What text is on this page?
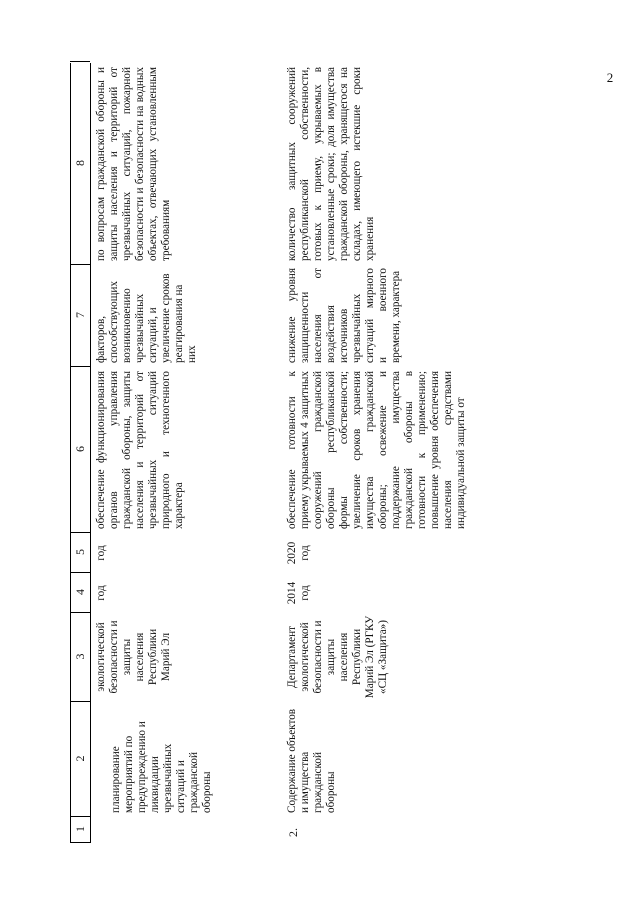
2
1
2
3
4
5
6
7
8
планирование мероприятий по предупреждению и ликвидации чрезвычайных ситуаций и гражданской обороны
экологической безопасности и защиты населения Республики Марий Эл
год
год
обеспечение функционирования органов управления гражданской обороны, защиты населения и территорий от чрезвычайных ситуаций природного и техногенного характера
факторов, способствующих возникновению чрезвычайных ситуаций, и увеличение сроков реагирования на них
по вопросам гражданской обороны и защиты населения и территорий от чрезвычайных ситуаций, пожарной безопасности и безопасности на водных объектах, отвечающих установленным требованиям
2.
Содержание объектов и имущества гражданской обороны
Департамент экологической безопасности и защиты населения Республики Марий Эл (РГКУ «СЦ «Защита»)
2014 год
2020 год
обеспечение готовности к приему укрываемых 4 защитных сооружений гражданской обороны республиканской формы собственности; увеличение сроков хранения имущества гражданской обороны; освежение и поддержание имущества гражданской обороны в готовности к применению; повышение уровня обеспечения населения средствами индивидуальной защиты от
снижение уровня защищенности населения от воздействия источников чрезвычайных ситуаций мирного и военного времени, характера
количество защитных сооружений республиканской собственности, готовых к приему, укрываемых в установленные сроки; доля имущества гражданской обороны, хранящегося на складах, имеющего истекшие сроки хранения
